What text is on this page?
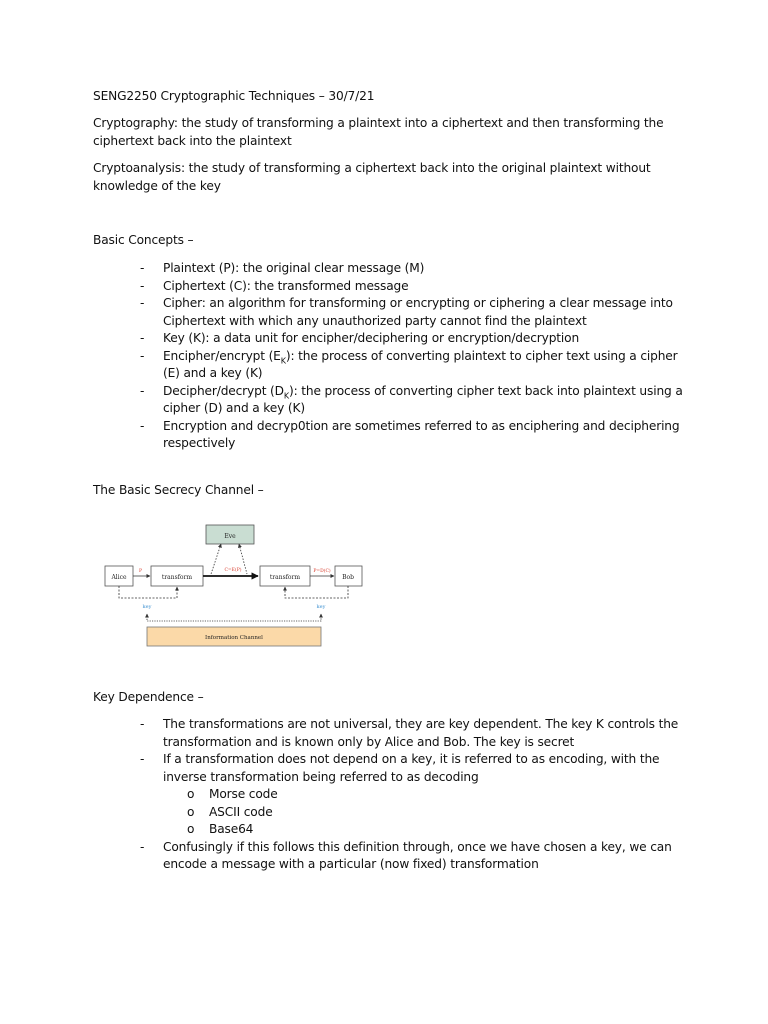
SENG2250 Cryptographic Techniques – 30/7/21

Cryptography: the study of transforming a plaintext into a ciphertext and then transforming the ciphertext back into the plaintext

Cryptoanalysis: the study of transforming a ciphertext back into the original plaintext without knowledge of the key

Basic Concepts –

- Plaintext (P): the original clear message (M)
- Ciphertext (C): the transformed message
- Cipher: an algorithm for transforming or encrypting or ciphering a clear message into Ciphertext with which any unauthorized party cannot find the plaintext
- Key (K): a data unit for encipher/deciphering or encryption/decryption
- Encipher/encrypt $(E_K)$: the process of converting plaintext to cipher text using a cipher (E) and a key (K)
- Decipher/decrypt $(D_K)$: the process of converting cipher text back into plaintext using a cipher (D) and a key (K)
- Encryption and decryp0tion are sometimes referred to as enciphering and deciphering respectively

The Basic Secrecy Channel –

Eve
Alice	transform	transform	Bob
P	C=E(P)	P=D(C)
key	key
Information Channel

Key Dependence –

- The transformations are not universal, they are key dependent. The key K controls the transformation and is known only by Alice and Bob. The key is secret
- If a transformation does not depend on a key, it is referred to as encoding, with the inverse transformation being referred to as decoding
o Morse code
o ASCII code
o Base64
- Confusingly if this follows this definition through, once we have chosen a key, we can encode a message with a particular (now fixed) transformation
